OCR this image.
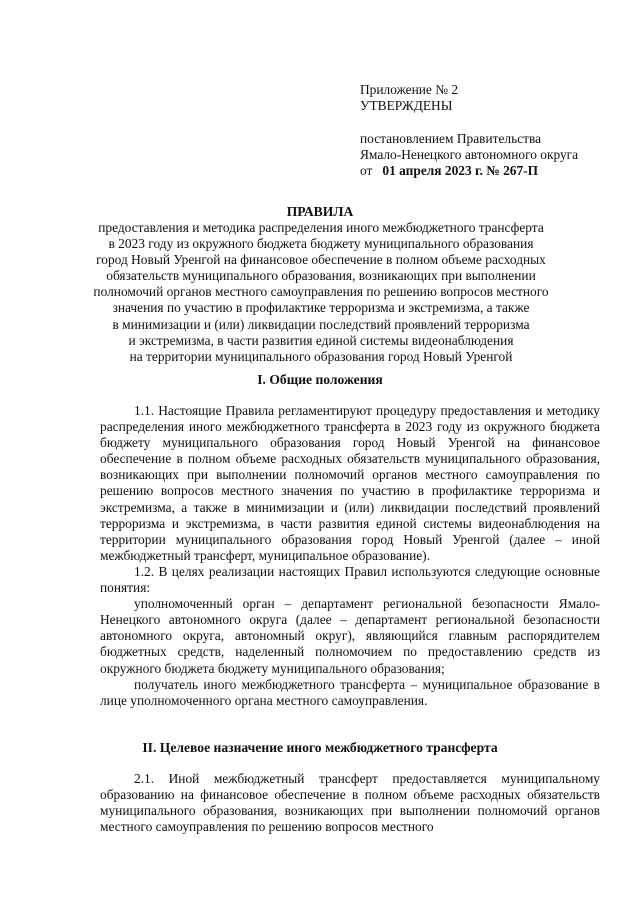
Приложение № 2
УТВЕРЖДЕНЫ
постановлением Правительства
Ямало-Ненецкого автономного округа
от 01 апреля 2023 г. № 267-П
ПРАВИЛА
предоставления и методика распределения иного межбюджетного трансферта
в 2023 году из окружного бюджета бюджету муниципального образования
город Новый Уренгой на финансовое обеспечение в полном объеме расходных
обязательств муниципального образования, возникающих при выполнении
полномочий органов местного самоуправления по решению вопросов местного
значения по участию в профилактике терроризма и экстремизма, а также
в минимизации и (или) ликвидации последствий проявлений терроризма
и экстремизма, в части развития единой системы видеонаблюдения
на территории муниципального образования город Новый Уренгой
I. Общие положения

1.1. Настоящие Правила регламентируют процедуру предоставления и методику распределения иного межбюджетного трансферта в 2023 году из окружного бюджета бюджету муниципального образования город Новый Уренгой на финансовое обеспечение в полном объеме расходных обязательств муниципального образования, возникающих при выполнении полномочий органов местного самоуправления по решению вопросов местного значения по участию в профилактике терроризма и экстремизма, а также в минимизации и (или) ликвидации последствий проявлений терроризма и экстремизма, в части развития единой системы видеонаблюдения на территории муниципального образования город Новый Уренгой (далее – иной межбюджетный трансферт, муниципальное образование).

1.2. В целях реализации настоящих Правил используются следующие основные понятия:

уполномоченный орган – департамент региональной безопасности Ямало-Ненецкого автономного округа (далее – департамент региональной безопасности автономного округа, автономный округ), являющийся главным распорядителем бюджетных средств, наделенный полномочием по предоставлению средств из окружного бюджета бюджету муниципального образования;

получатель иного межбюджетного трансферта – муниципальное образование в лице уполномоченного органа местного самоуправления.

II. Целевое назначение иного межбюджетного трансферта

2.1. Иной межбюджетный трансферт предоставляется муниципальному образованию на финансовое обеспечение в полном объеме расходных обязательств муниципального образования, возникающих при выполнении полномочий органов местного самоуправления по решению вопросов местного
